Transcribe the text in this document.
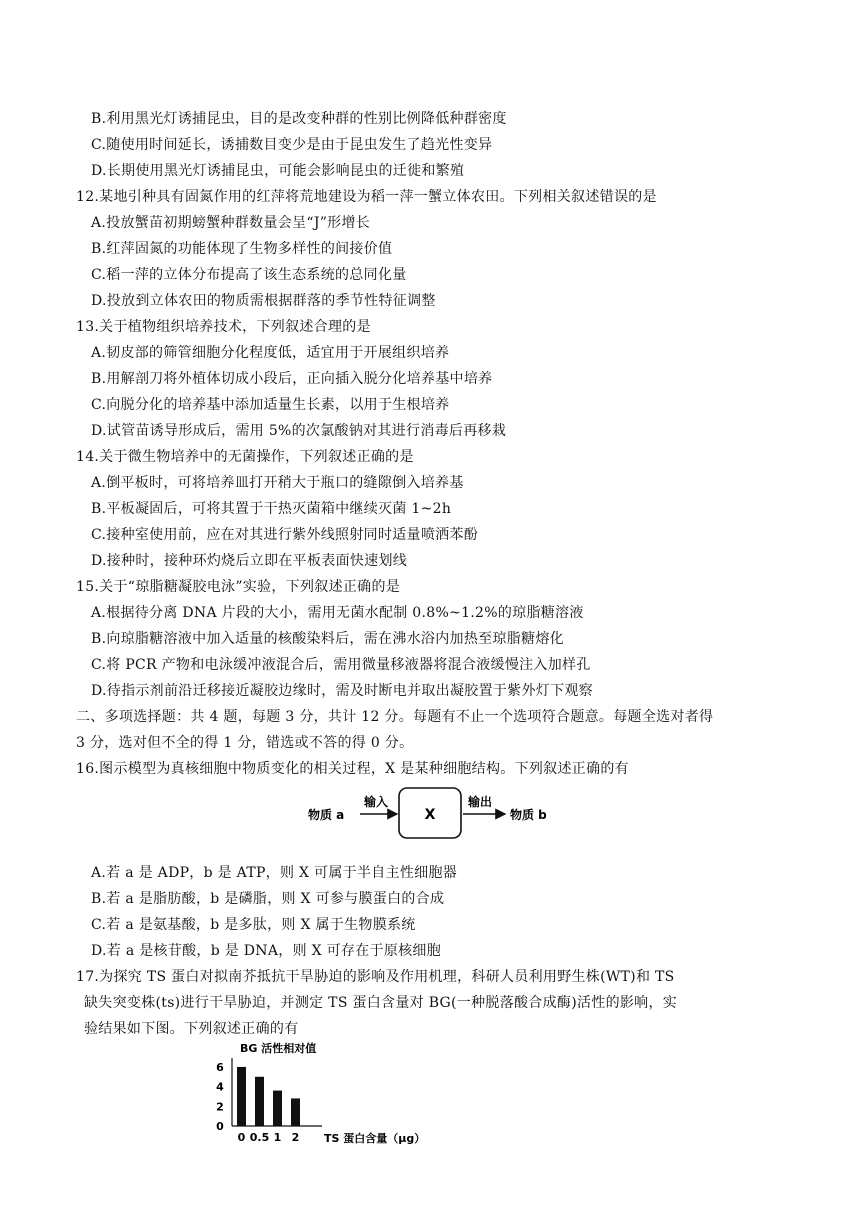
B.利用黑光灯诱捕昆虫，目的是改变种群的性别比例降低种群密度
C.随使用时间延长，诱捕数目变少是由于昆虫发生了趋光性变异
D.长期使用黑光灯诱捕昆虫，可能会影响昆虫的迁徙和繁殖
12.某地引种具有固氮作用的红萍将荒地建设为稻一萍一蟹立体农田。下列相关叙述错误的是
A.投放蟹苗初期螃蟹种群数量会呈“J”形增长
B.红萍固氮的功能体现了生物多样性的间接价值
C.稻一萍的立体分布提高了该生态系统的总同化量
D.投放到立体农田的物质需根据群落的季节性特征调整
13.关于植物组织培养技术，下列叙述合理的是
A.韧皮部的筛管细胞分化程度低，适宜用于开展组织培养
B.用解剖刀将外植体切成小段后，正向插入脱分化培养基中培养
C.向脱分化的培养基中添加适量生长素，以用于生根培养
D.试管苗诱导形成后，需用 5%的次氯酸钠对其进行消毒后再移栽
14.关于微生物培养中的无菌操作，下列叙述正确的是
A.倒平板时，可将培养皿打开稍大于瓶口的缝隙倒入培养基
B.平板凝固后，可将其置于干热灭菌箱中继续灭菌 1~2h
C.接种室使用前，应在对其进行紫外线照射同时适量喷洒苯酚
D.接种时，接种环灼烧后立即在平板表面快速划线
15.关于“琼脂糖凝胶电泳”实验，下列叙述正确的是
A.根据待分离 DNA 片段的大小，需用无菌水配制 0.8%~1.2%的琼脂糖溶液
B.向琼脂糖溶液中加入适量的核酸染料后，需在沸水浴内加热至琼脂糖熔化
C.将 PCR 产物和电泳缓冲液混合后，需用微量移液器将混合液缓慢注入加样孔
D.待指示剂前沿迁移接近凝胶边缘时，需及时断电并取出凝胶置于紫外灯下观察
二、多项选择题：共 4 题，每题 3 分，共计 12 分。每题有不止一个选项符合题意。每题全选对者得
3 分，选对但不全的得 1 分，错选或不答的得 0 分。
16.图示模型为真核细胞中物质变化的相关过程，X 是某种细胞结构。下列叙述正确的有
物质 a
输入
X
输出
物质 b
A.若 a 是 ADP，b 是 ATP，则 X 可属于半自主性细胞器
B.若 a 是脂肪酸，b 是磷脂，则 X 可参与膜蛋白的合成
C.若 a 是氨基酸，b 是多肽，则 X 属于生物膜系统
D.若 a 是核苷酸，b 是 DNA，则 X 可存在于原核细胞
17.为探究 TS 蛋白对拟南芥抵抗干旱胁迫的影响及作用机理，科研人员利用野生株(WT)和 TS
缺失突变株(ts)进行干旱胁迫，并测定 TS 蛋白含量对 BG(一种脱落酸合成酶)活性的影响，实
验结果如下图。下列叙述正确的有
BG 活性相对值
0
2
4
6
0 0.5 1 2 TS 蛋白含量（μg）
